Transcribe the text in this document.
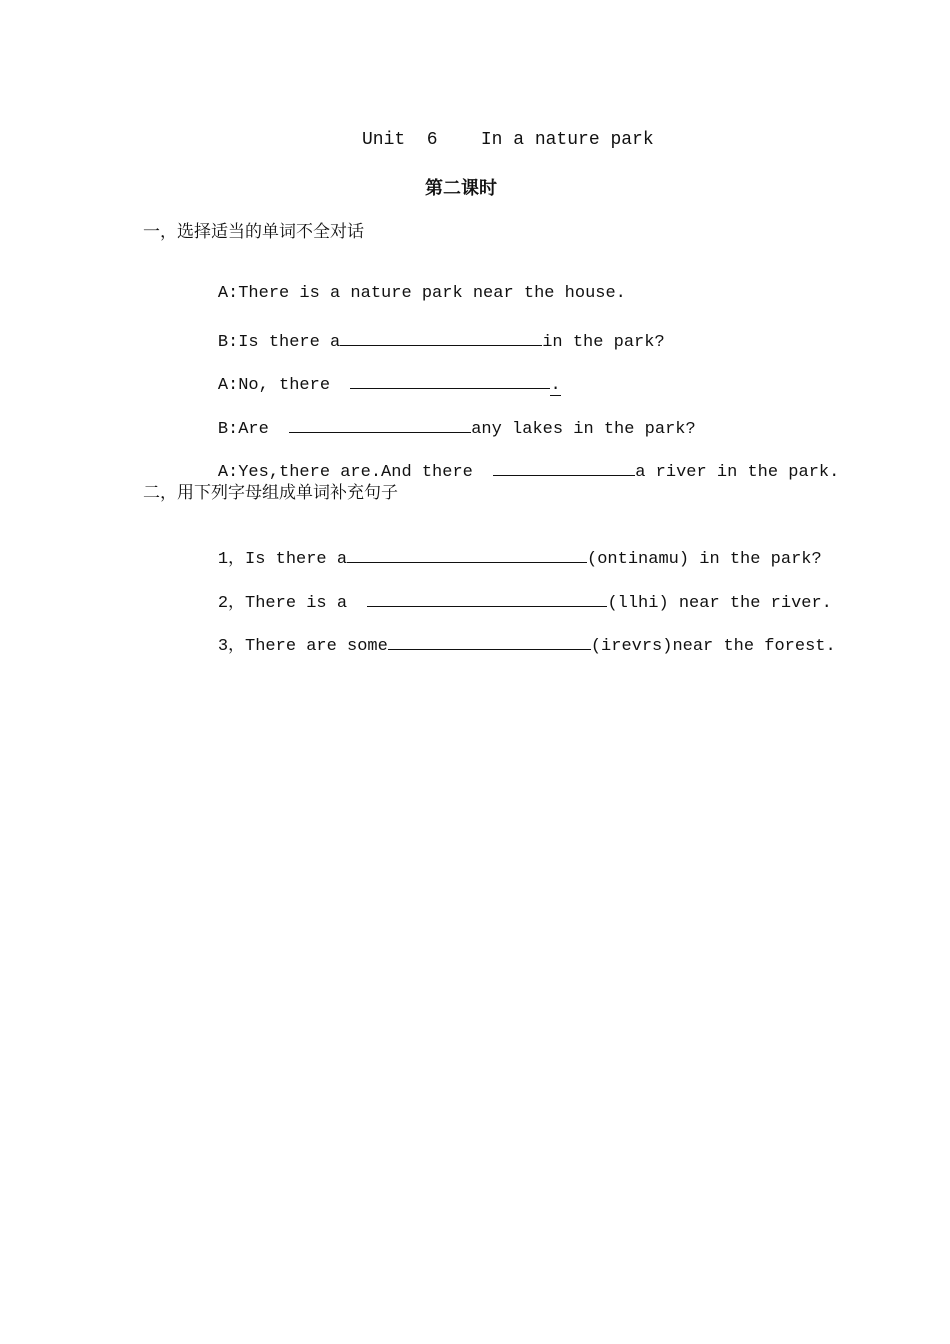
Unit  6    In a nature park
第二课时
一，选择适当的单词不全对话

A:There is a nature park near the house.

B:Is there a	in the park?

A:No, there	.

B:Are	any lakes in the park?

A:Yes,there are.And there	a river in the park.

二，用下列字母组成单词补充句子

1，Is there a	(ontinamu) in the park?

2，There is a	(llhi) near the river.

3，There are some	(irevrs)near the forest.
